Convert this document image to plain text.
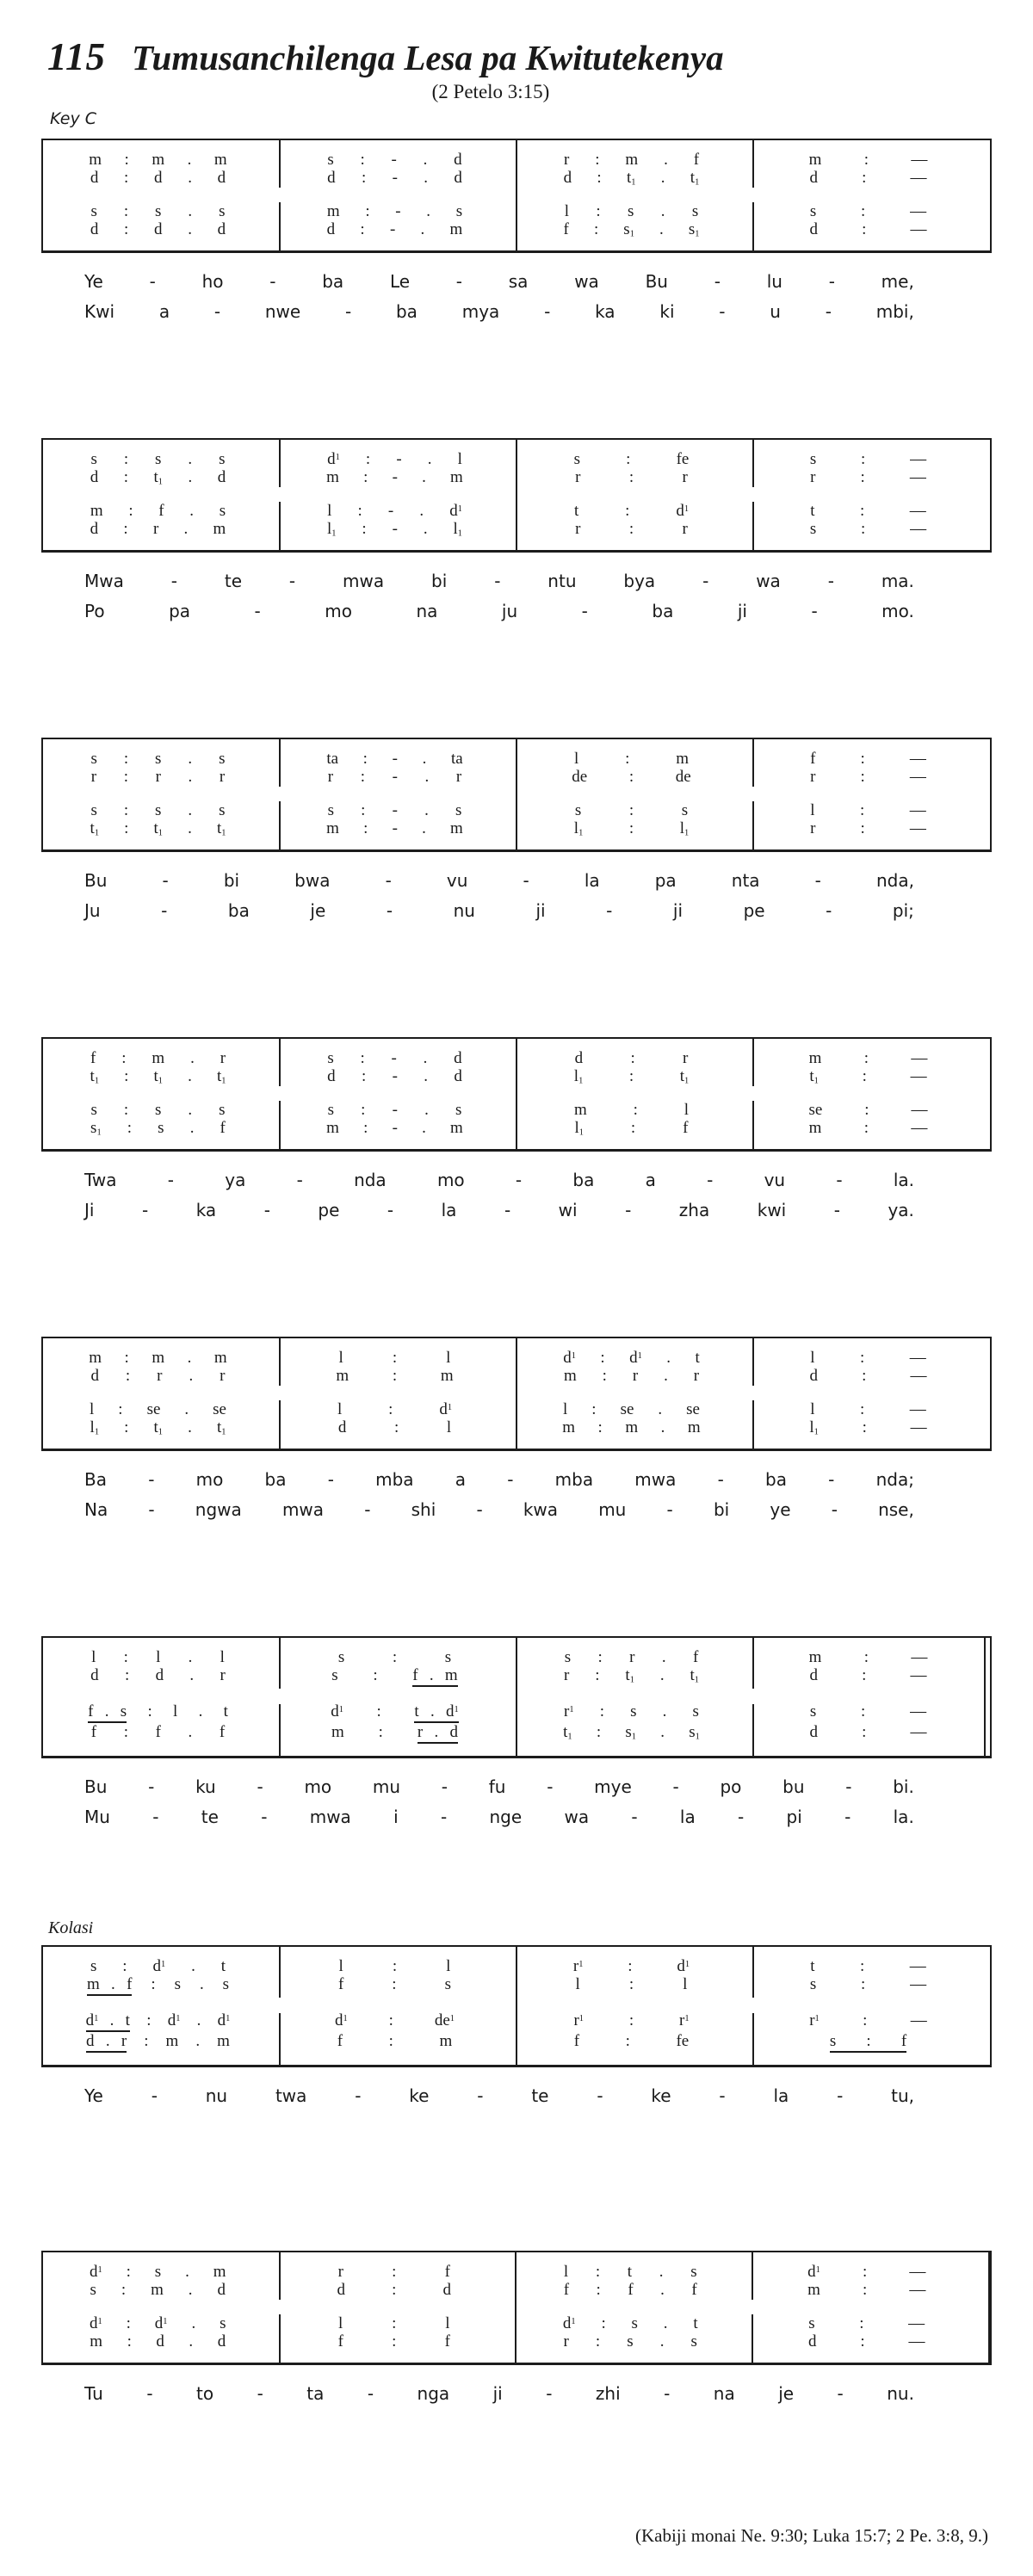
115 Tumusanchilenga Lesa pa Kwitutekenya
(2 Petelo 3:15)
Key C
m : m . m	s : - . d	r : m . f	m	:	—
d : d . d	d : - . d	d : $t_1$ . $t_1$	d	:	—
s : s . s	m : - . s	l : s . s	s	:	—
d : d . d	d : - . m	f : $s_1$ . $s_1$	d	:	—
Ye	-	ho	-	ba	Le	-	sa	wa	Bu	-	lu	-	me,
Kwi	a	-	nwe	-	ba	mya	-	ka	ki	-	u	-	mbi,
s : s . s	$d^1$ : - . l	s	:	fe	s	:	—
d : $t_1$ . d	m : - . m	r	:	r	r	:	—
m : f . s	l : - . $d^1$	t	:	$d^1$	t	:	—
d : r . m	$l_1$ : - . $l_1$	r	:	r	s	:	—
Mwa	-	te	-	mwa	bi	-	ntu	bya	-	wa	-	ma.
Po	pa	-	mo	na	ju	-	ba	ji	-	mo.
s : s . s	ta : - . ta	l	:	m	f	:	—
r : r . r	r : - . r	de	:	de	r	:	—
s : s . s	s : - . s	s	:	s	l	:	—
$t_1$ : $t_1$ . $t_1$	m : - . m	$l_1$	:	$l_1$	r	:	—
Bu	-	bi	bwa	-	vu	-	la	pa	nta	-	nda,
Ju	-	ba	je	-	nu	ji	-	ji	pe	-	pi;
f : m . r	s : - . d	d	:	r	m	:	—
$t_1$ : $t_1$ . $t_1$	d : - . d	$l_1$	:	$t_1$	$t_1$	:	—
s : s . s	s : - . s	m	:	l	se	:	—
$s_1$ : s . f	m : - . m	$l_1$	:	f	m	:	—
Twa	-	ya	-	nda	mo	-	ba	a	-	vu	-	la.
Ji	-	ka	-	pe	-	la	-	wi	-	zha	kwi	-	ya.
m : m . m	l	:	l	$d^1$ : $d^1$ . t	l	:	—
d : r . r	m	:	m	m : r . r	d	:	—
l : se . se	l	:	$d^1$	l : se . se	l	:	—
$l_1$ : $t_1$ . $t_1$	d	:	l	m : m . m	$l_1$	:	—
Ba - mo ba - mba a - mba mwa - ba - nda;
Na - ngwa mwa - shi - kwa mu - bi ye - nse,
l : l . l	s	:	s	s : r . f	m	:	—
d : d . r	s : f . m	r : $t_1$ . $t_1$	d	:	—
f . s : l . t	$d^1$ : t . $d^1$	$r^1$ : s . s	s	:	—
f : f . f	m : r . d	$t_1$ : $s_1$ . $s_1$	d	:	—
Bu - ku - mo mu - fu - mye - po bu - bi.
Mu - te - mwa i - nge wa - la - pi - la.
Kolasi
s : $d^1$ . t	l	:	l	$r^1$	:	$d^1$	t	:	—
m . f : s . s	f	:	s	l	:	l	s	:	—
$d^1$ . t : $d^1$ . $d^1$	$d^1$	:	$de^1$	$r^1$	:	$r^1$	$r^1$	:	—
d . r : m . m	f	:	m	f	:	fe	s : f
Ye	-	nu	twa	-	ke	-	te	-	ke	-	la	-	tu,
$d^1$ : s . m	r	:	f	l : t . s	$d^1$	:	—
s : m . d	d	:	d	f : f . f	m	:	—
$d^1$ : $d^1$ . s	l	:	l	$d^1$ : s . t	s	:	—
m : d . d	f	:	f	r : s . s	d	:	—
Tu	-	to	-	ta	-	nga	ji	-	zhi	-	na	je	-	nu.
(Kabiji monai Ne. 9:30; Luka 15:7; 2 Pe. 3:8, 9.)
